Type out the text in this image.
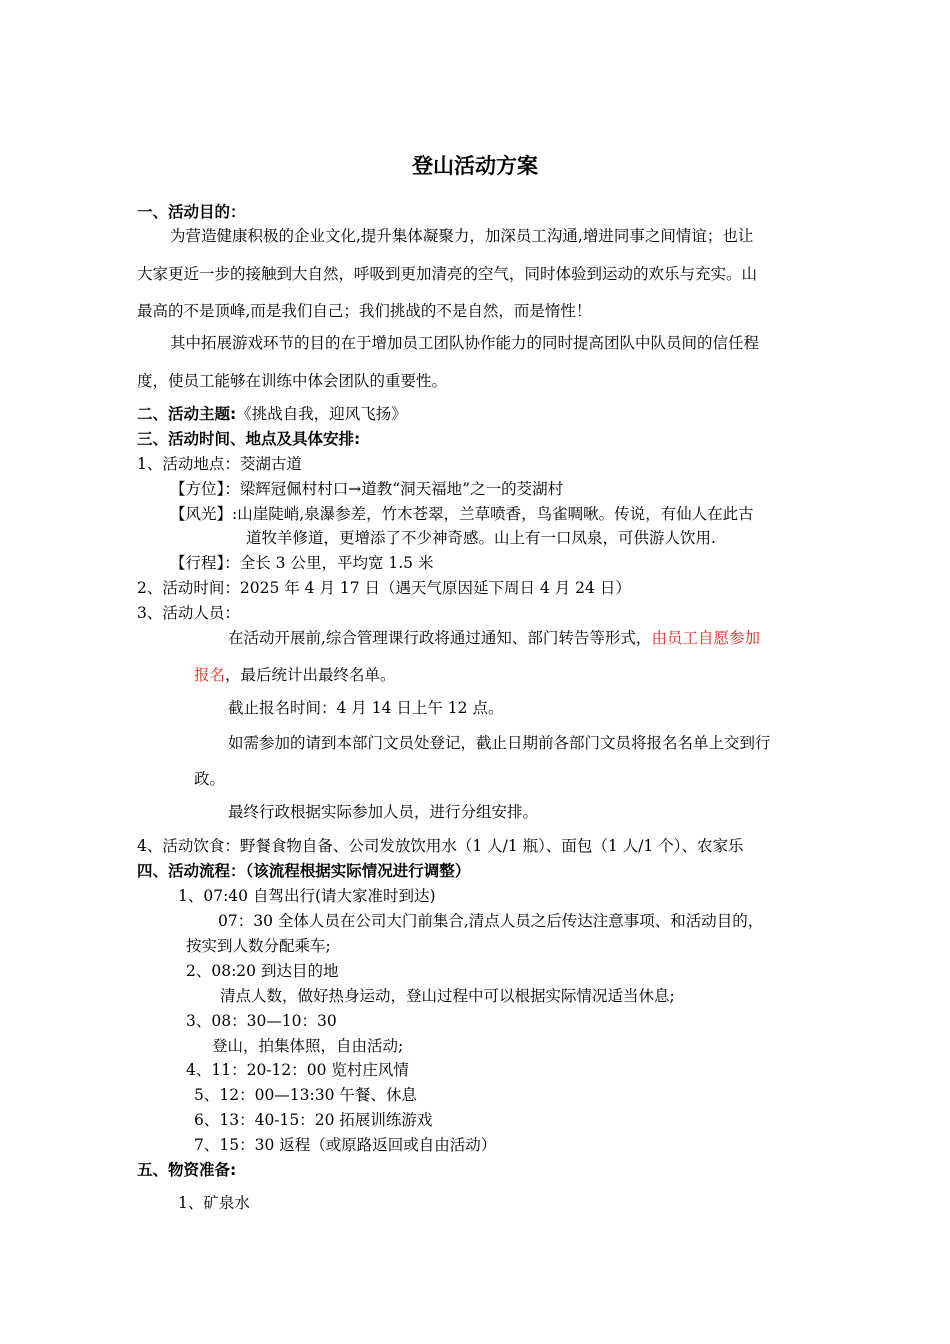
登山活动方案
一、活动目的：
为营造健康积极的企业文化,提升集体凝聚力，加深员工沟通,增进同事之间情谊；也让
大家更近一步的接触到大自然，呼吸到更加清亮的空气，同时体验到运动的欢乐与充实。山
最高的不是顶峰,而是我们自己；我们挑战的不是自然，而是惰性！
其中拓展游戏环节的目的在于增加员工团队协作能力的同时提高团队中队员间的信任程
度，使员工能够在训练中体会团队的重要性。
二、活动主题:《挑战自我，迎风飞扬》
三、活动时间、地点及具体安排:
1、活动地点：茭湖古道
【方位】：梁辉冠佩村村口→道教“洞天福地”之一的茭湖村
【风光】:山崖陡峭,泉瀑参差，竹木苍翠，兰草喷香，鸟雀啁啾。传说，有仙人在此古
道牧羊修道，更增添了不少神奇感。山上有一口凤泉，可供游人饮用.
【行程】：全长 3 公里，平均宽 1.5 米
2、活动时间：2025 年 4 月 17 日（遇天气原因延下周日 4 月 24 日）
3、活动人员：
在活动开展前,综合管理课行政将通过通知、部门转告等形式，由员工自愿参加
报名，最后统计出最终名单。
截止报名时间：4 月 14 日上午 12 点。
如需参加的请到本部门文员处登记，截止日期前各部门文员将报名名单上交到行
政。
最终行政根据实际参加人员，进行分组安排。
4、活动饮食：野餐食物自备、公司发放饮用水（1 人/1 瓶）、面包（1 人/1 个）、农家乐
四、活动流程：（该流程根据实际情况进行调整）
1、07:40 自驾出行(请大家准时到达)
07：30 全体人员在公司大门前集合,清点人员之后传达注意事项、和活动目的，
按实到人数分配乘车;
2、08:20 到达目的地
清点人数，做好热身运动，登山过程中可以根据实际情况适当休息;
3、08：30—10：30
登山，拍集体照，自由活动;
4、11：20-12：00 览村庄风情
5、12：00—13:30 午餐、休息
6、13：40-15：20 拓展训练游戏
7、15：30 返程（或原路返回或自由活动）
五、物资准备:
1、矿泉水
